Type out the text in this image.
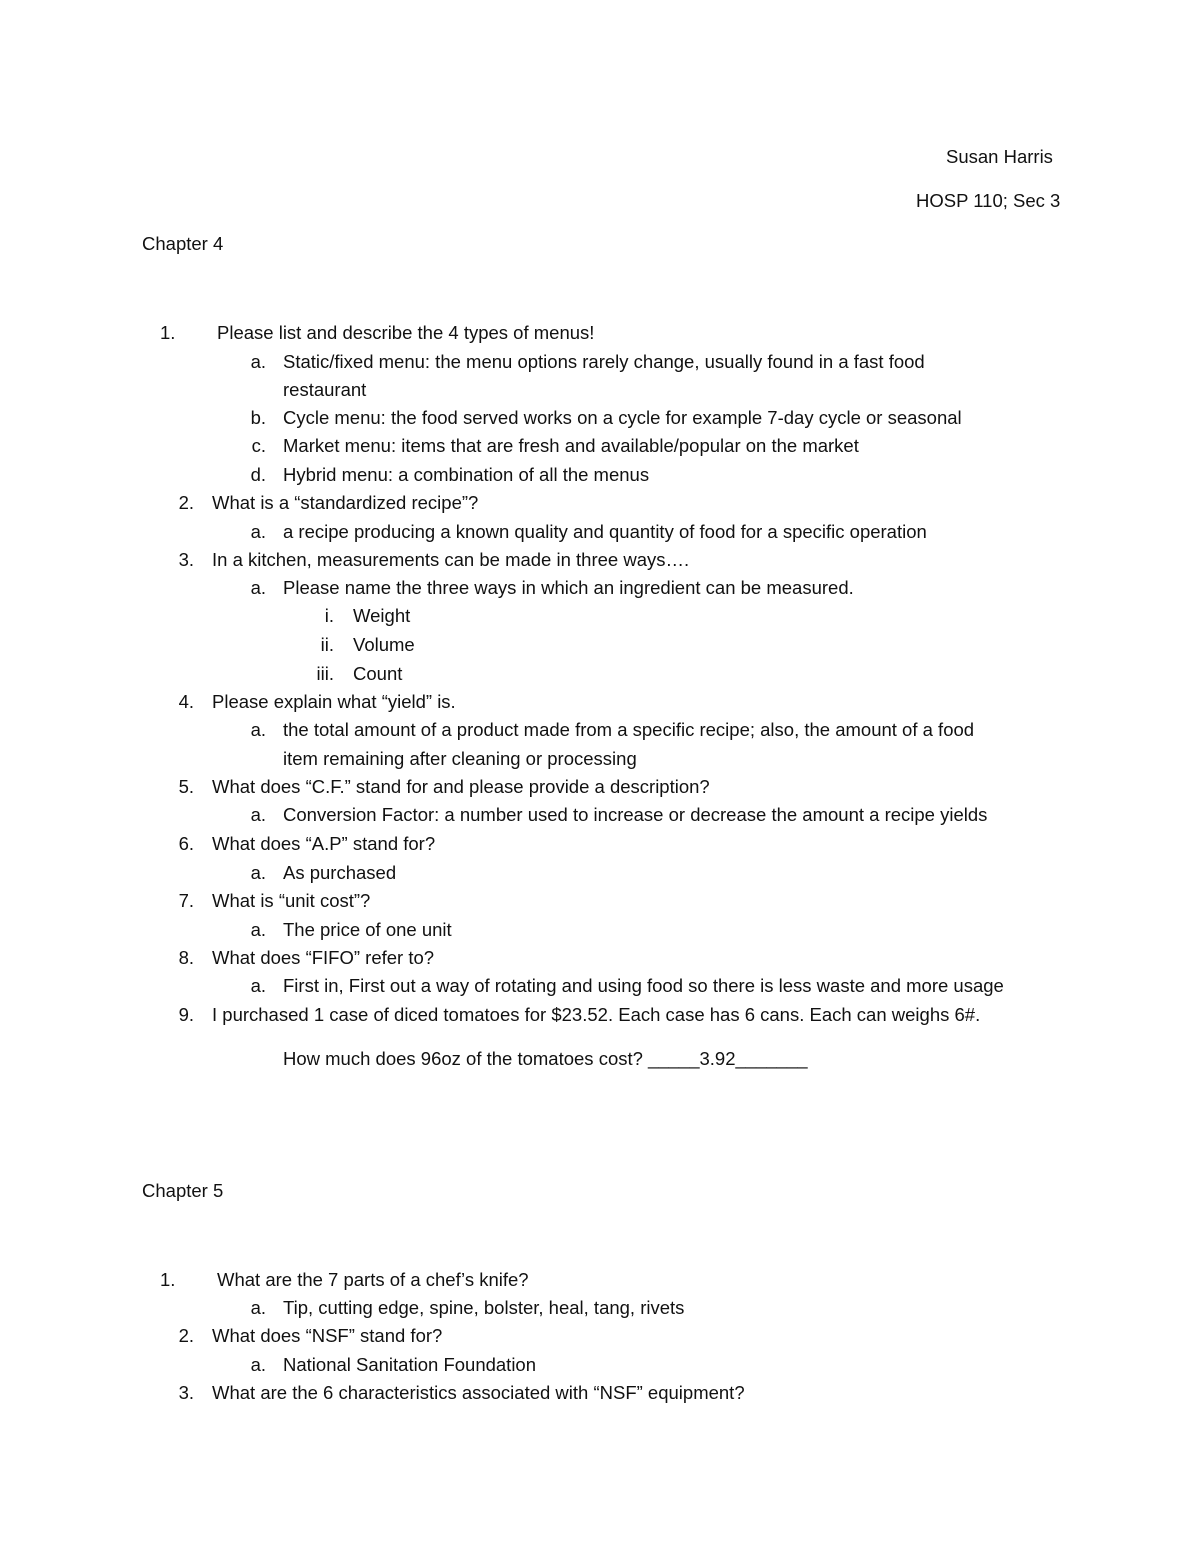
Susan Harris
HOSP 110; Sec 3
Chapter 4
1.	Please list and describe the 4 types of menus!
a. Static/fixed menu: the menu options rarely change, usually found in a fast food
restaurant
b. Cycle menu: the food served works on a cycle for example 7-day cycle or seasonal
c. Market menu: items that are fresh and available/popular on the market
d. Hybrid menu: a combination of all the menus
2. What is a “standardized recipe”?
a. a recipe producing a known quality and quantity of food for a specific operation
3. In a kitchen, measurements can be made in three ways….
a. Please name the three ways in which an ingredient can be measured.
i. Weight
ii. Volume
iii. Count
4. Please explain what “yield” is.
a. the total amount of a product made from a specific recipe; also, the amount of a food
item remaining after cleaning or processing
5. What does “C.F.” stand for and please provide a description?
a. Conversion Factor: a number used to increase or decrease the amount a recipe yields
6. What does “A.P” stand for?
a. As purchased
7. What is “unit cost”?
a. The price of one unit
8. What does “FIFO” refer to?
a. First in, First out a way of rotating and using food so there is less waste and more usage
9. I purchased 1 case of diced tomatoes for $23.52. Each case has 6 cans. Each can weighs 6#.
How much does 96oz of the tomatoes cost? _____3.92_______
Chapter 5
1.	What are the 7 parts of a chef’s knife?
a. Tip, cutting edge, spine, bolster, heal, tang, rivets
2. What does “NSF” stand for?
a. National Sanitation Foundation
3. What are the 6 characteristics associated with “NSF” equipment?
